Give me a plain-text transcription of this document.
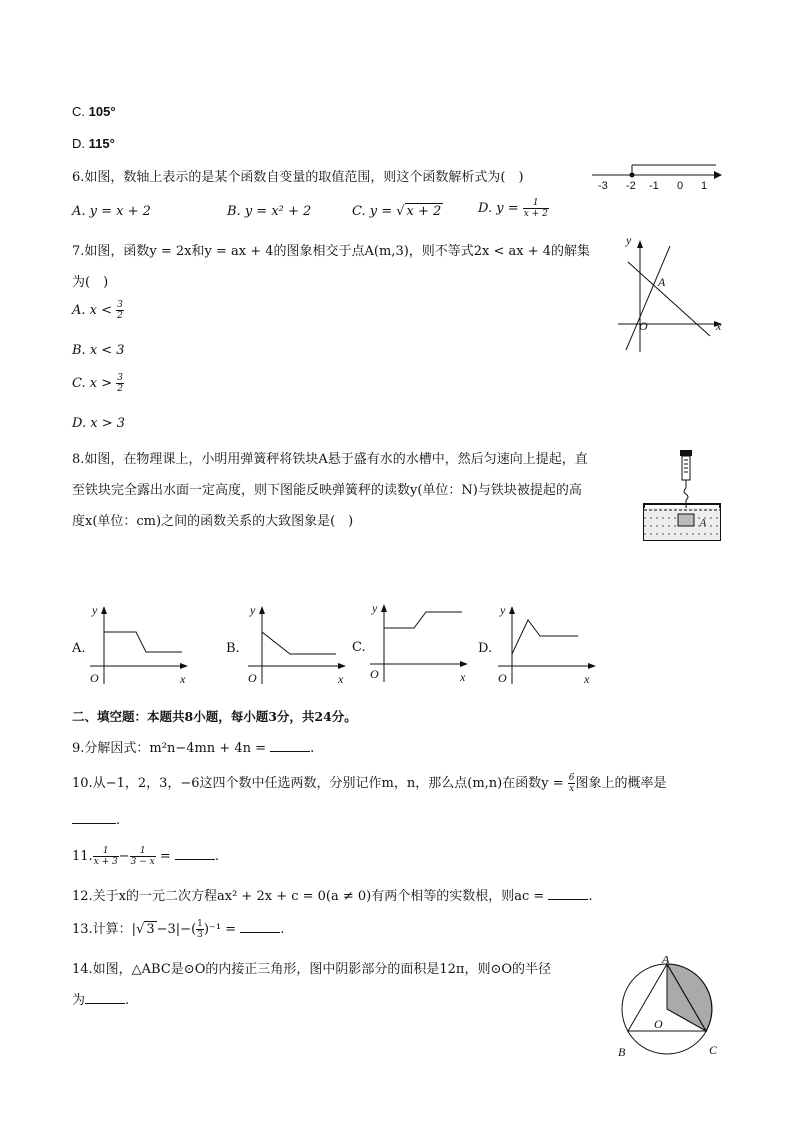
C. 105°
D. 115°
6.如图，数轴上表示的是某个函数自变量的取值范围，则这个函数解析式为(　)
-3 -2 -1 0 1
A. y = x + 2	B. y = x² + 2	C. y = √ x + 2	D. $y = \frac{1}{x + 2}$
7.如图，函数y = 2x和y = ax + 4的图象相交于点A(m,3)，则不等式2x < ax + 4的解集
为(　)
A. $x < \frac{3}{2}$
B. x < 3
C. $x > \frac{3}{2}$
D. x > 3
y
x
O
A
8.如图，在物理课上，小明用弹簧秤将铁块A悬于盛有水的水槽中，然后匀速向上提起，直
至铁块完全露出水面一定高度，则下图能反映弹簧秤的读数y(单位：N)与铁块被提起的高
度x(单位：cm)之间的函数关系的大致图象是(　)	A
A.
y
x
O
B.
y
x
O
C.
y
x
O
D.
y
x
O
二、填空题：本题共8小题，每小题3分，共24分。
9.分解因式：m²n−4mn + 4n =	.
10.从−1，2，3，−6这四个数中任选两数，分别记作m，n，那么点(m,n)在函数$y = \frac{6}{x}$ 图象上的概率是
.
11. $\frac{1}{x + 3} - \frac{1}{3 - x}$ =	.
12.关于x的一元二次方程ax² + 2x + c = 0(a ≠ 0)有两个相等的实数根，则ac =	.
13.计算：|√ $3 -3|-( \frac{1}{3} )^{-1}$ =	.
14.如图，△ABC是⊙O的内接正三角形，图中阴影部分的面积是12π，则⊙O的半径
为	.
A
B	C
O
